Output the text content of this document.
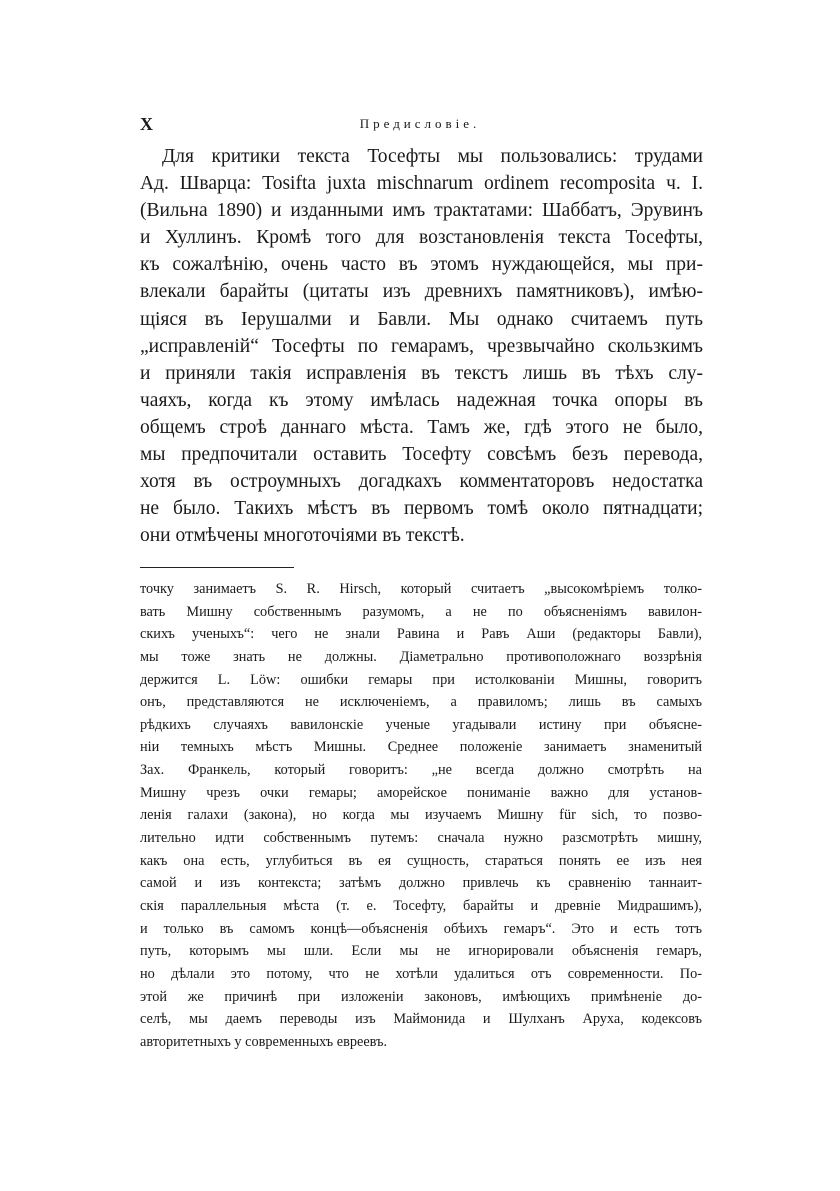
X	Предисловіе.
Для критики текста Тосефты мы пользовались: трудами
Ад. Шварца: Tosifta juxta mischnarum ordinem recomposita ч. I.
(Вильна 1890) и изданными имъ трактатами: Шаббатъ, Эрувинъ
и Хуллинъ. Кромѣ того для возстановленія текста Тосефты,
къ сожалѣнію, очень часто въ этомъ нуждающейся, мы при-
влекали барайты (цитаты изъ древнихъ памятниковъ), имѣю-
щіяся въ Іерушалми и Бавли. Мы однако считаемъ путь
„исправленій“ Тосефты по гемарамъ, чрезвычайно скользкимъ
и приняли такія исправленія въ текстъ лишь въ тѣхъ слу-
чаяхъ, когда къ этому имѣлась надежная точка опоры въ
общемъ строѣ даннаго мѣста. Тамъ же, гдѣ этого не было,
мы предпочитали оставить Тосефту совсѣмъ безъ перевода,
хотя въ остроумныхъ догадкахъ комментаторовъ недостатка
не было. Такихъ мѣстъ въ первомъ томѣ около пятнадцати;
они отмѣчены многоточіями въ текстѣ.
точку занимаетъ S. R. Hirsch, который считаетъ „высокомѣріемъ толко-
вать Мишну собственнымъ разумомъ, а не по объясненіямъ вавилон-
скихъ ученыхъ“: чего не знали Равина и Равъ Аши (редакторы Бавли),
мы тоже знать не должны. Діаметрально противоположнаго воззрѣнія
держится L. Löw: ошибки гемары при истолкованіи Мишны, говоритъ
онъ, представляются не исключеніемъ, а правиломъ; лишь въ самыхъ
рѣдкихъ случаяхъ вавилонскіе ученые угадывали истину при объясне-
ніи темныхъ мѣстъ Мишны. Среднее положеніе занимаетъ знаменитый
Зах. Франкель, который говоритъ: „не всегда должно смотрѣть на
Мишну чрезъ очки гемары; аморейское пониманіе важно для установ-
ленія галахи (закона), но когда мы изучаемъ Мишну für sich, то позво-
лительно идти собственнымъ путемъ: сначала нужно разсмотрѣть мишну,
какъ она есть, углубиться въ ея сущность, стараться понять ее изъ нея
самой и изъ контекста; затѣмъ должно привлечь къ сравненію таннаит-
скія параллельныя мѣста (т. е. Тосефту, барайты и древніе Мидрашимъ),
и только въ самомъ концѣ—объясненія обѣихъ гемаръ“. Это и есть тотъ
путь, которымъ мы шли. Если мы не игнорировали объясненія гемаръ,
но дѣлали это потому, что не хотѣли удалиться отъ современности. По-
этой же причинѣ при изложеніи законовъ, имѣющихъ примѣненіе до-
селѣ, мы даемъ переводы изъ Маймонида и Шулханъ Аруха, кодексовъ
авторитетныхъ у современныхъ евреевъ.
